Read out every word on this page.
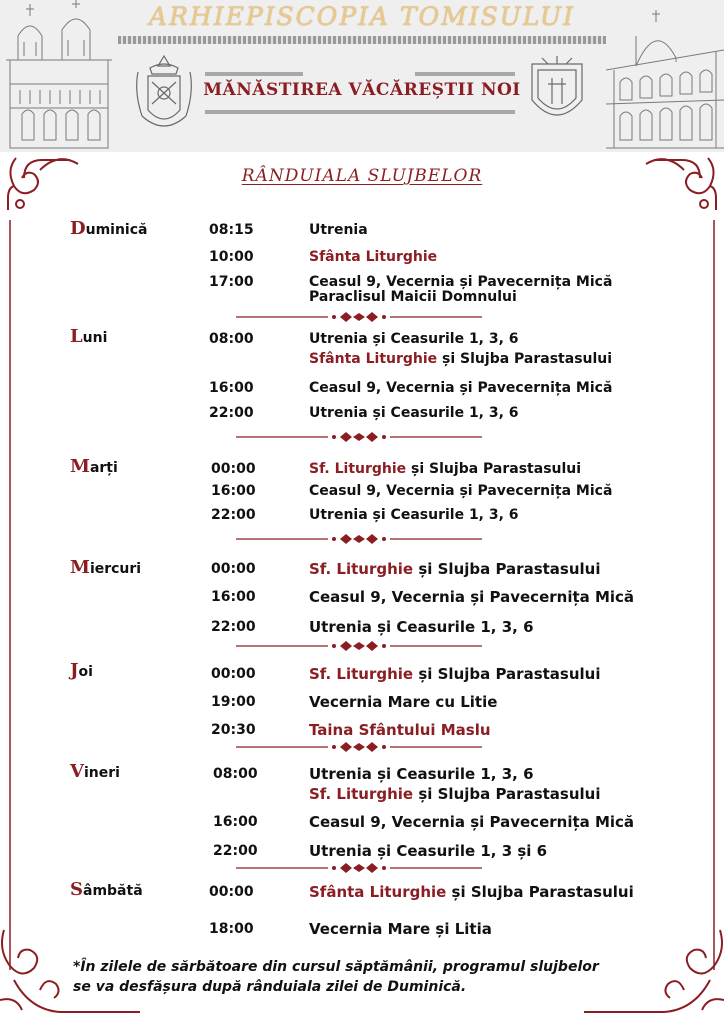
ARHIEPISCOPIA TOMISULUI
MĂNĂSTIREA VĂCĂREȘTII NOI
RÂNDUIALA SLUJBELOR
Duminică	08:15	Utrenia
10:00	Sfânta Liturghie
17:00	Ceasul 9, Vecernia și Pavecernița Mică
Paraclisul Maicii Domnului
Luni	08:00	Utrenia și Ceasurile 1, 3, 6
Sfânta Liturghie și Slujba Parastasului
16:00	Ceasul 9, Vecernia și Pavecernița Mică
22:00	Utrenia și Ceasurile 1, 3, 6
Marți	00:00	Sf. Liturghie și Slujba Parastasului
16:00	Ceasul 9, Vecernia și Pavecernița Mică
22:00	Utrenia și Ceasurile 1, 3, 6
Miercuri	00:00	Sf. Liturghie și Slujba Parastasului
16:00	Ceasul 9, Vecernia și Pavecernița Mică
22:00	Utrenia și Ceasurile 1, 3, 6
Joi	00:00	Sf. Liturghie și Slujba Parastasului
19:00	Vecernia Mare cu Litie
20:30	Taina Sfântului Maslu
Vineri	08:00	Utrenia și Ceasurile 1, 3, 6
Sf. Liturghie și Slujba Parastasului
16:00	Ceasul 9, Vecernia și Pavecernița Mică
22:00	Utrenia și Ceasurile 1, 3 și 6
Sâmbătă	00:00	Sfânta Liturghie și Slujba Parastasului
18:00	Vecernia Mare și Litia
*În zilele de sărbătoare din cursul săptămânii, programul slujbelor
se va desfășura după rânduiala zilei de Duminică.
